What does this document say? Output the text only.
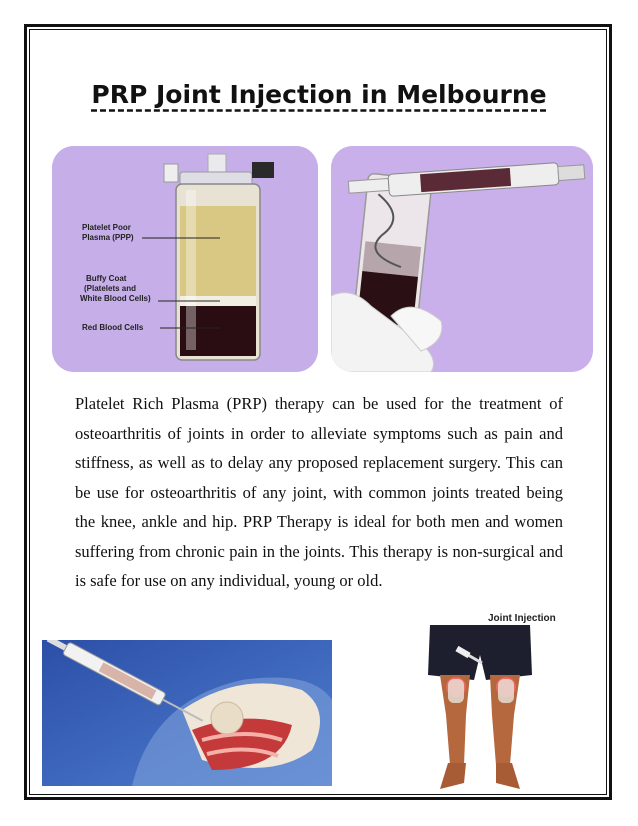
PRP Joint Injection in Melbourne
Platelet Poor
Plasma (PPP)
Buffy Coat
(Platelets and
White Blood Cells)
Red Blood Cells

Platelet Rich Plasma (PRP) therapy can be used for the treatment of osteoarthritis of joints in order to alleviate symptoms such as pain and stiffness, as well as to delay any proposed replacement surgery. This can be use for osteoarthritis of any joint, with common joints treated being the knee, ankle and hip. PRP Therapy is ideal for both men and women suffering from chronic pain in the joints. This therapy is non-surgical and is safe for use on any individual, young or old.

Joint Injection
